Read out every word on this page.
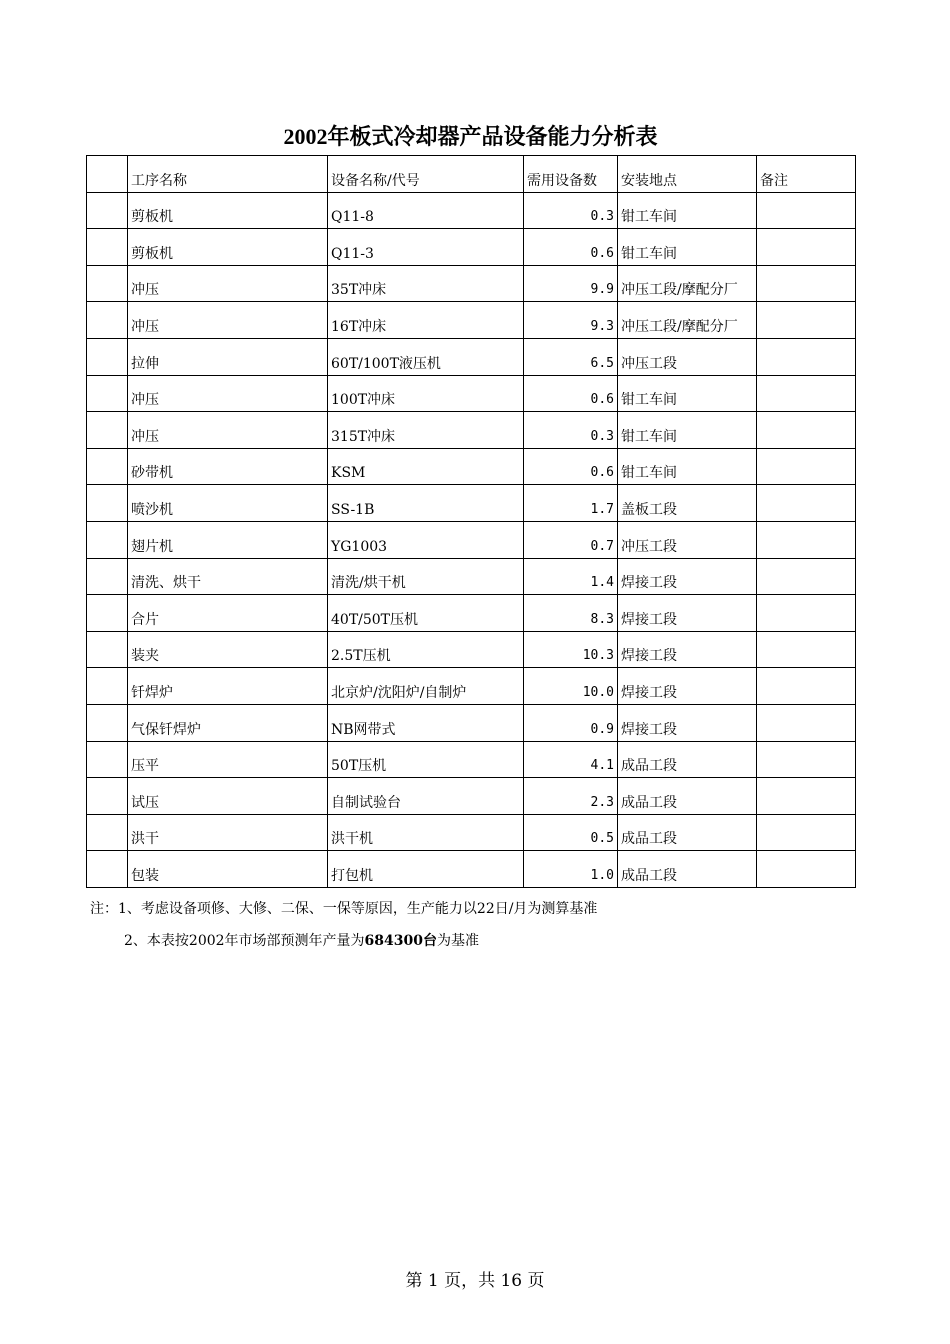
2002年板式冷却器产品设备能力分析表
	工序名称	设备名称/代号	需用设备数	安装地点	备注
	剪板机	Q11-8	0.3	钳工车间	
	剪板机	Q11-3	0.6	钳工车间	
	冲压	35T冲床	9.9	冲压工段/摩配分厂	
	冲压	16T冲床	9.3	冲压工段/摩配分厂	
	拉伸	60T/100T液压机	6.5	冲压工段	
	冲压	100T冲床	0.6	钳工车间	
	冲压	315T冲床	0.3	钳工车间	
	砂带机	KSM	0.6	钳工车间	
	喷沙机	SS-1B	1.7	盖板工段	
	翅片机	YG1003	0.7	冲压工段	
	清洗、烘干	清洗/烘干机	1.4	焊接工段	
	合片	40T/50T压机	8.3	焊接工段	
	装夹	2.5T压机	10.3	焊接工段	
	钎焊炉	北京炉/沈阳炉/自制炉	10.0	焊接工段	
	气保钎焊炉	NB网带式	0.9	焊接工段	
	压平	50T压机	4.1	成品工段	
	试压	自制试验台	2.3	成品工段	
	洪干	洪干机	0.5	成品工段	
	包装	打包机	1.0	成品工段	
注：1、考虑设备项修、大修、二保、一保等原因，生产能力以22日/月为测算基准
2、本表按2002年市场部预测年产量为684300台为基准
第 1 页，共 16 页
